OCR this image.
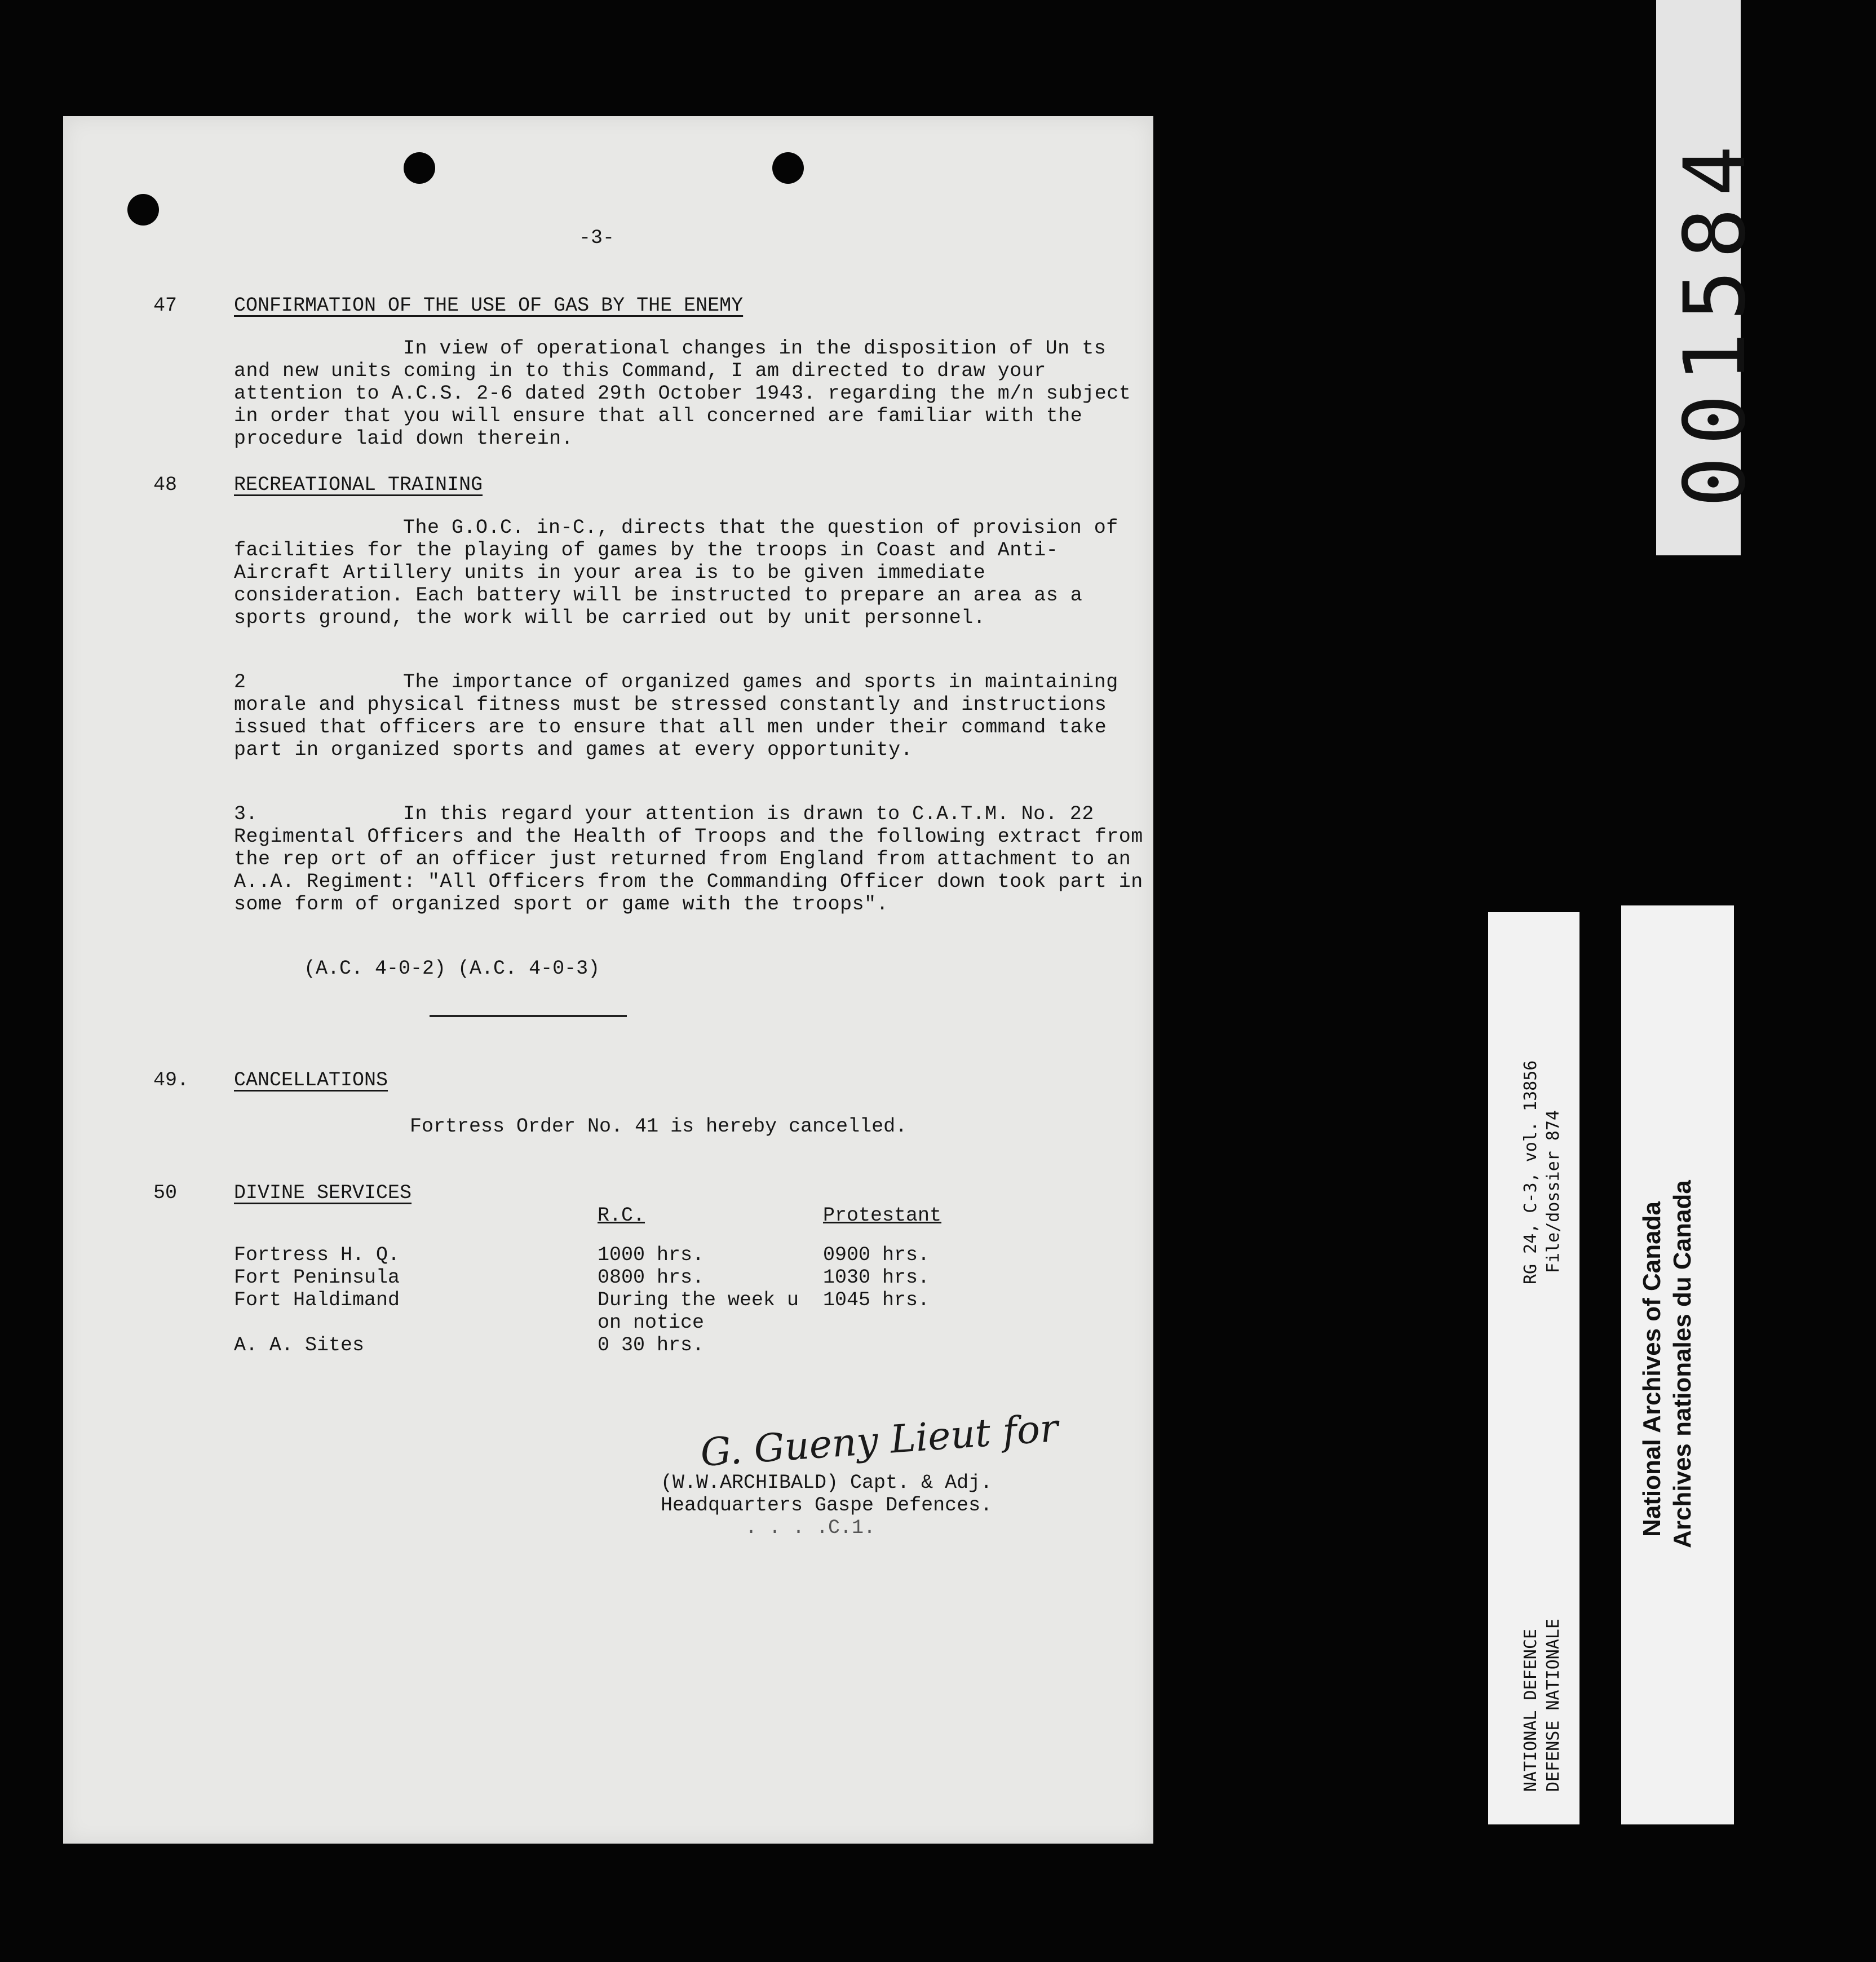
-3-
47	CONFIRMATION OF THE USE OF GAS BY THE ENEMY
In view of operational changes in the disposition of Un ts and new units coming in to this Command, I am directed to draw your attention to A.C.S. 2-6 dated 29th October 1943. regarding the m/n subject in order that you will ensure that all concerned are familiar with the procedure laid down therein.
48	RECREATIONAL TRAINING
The G.O.C. in-C., directs that the question of provision of facilities for the playing of games by the troops in Coast and Anti-Aircraft Artillery units in your area is to be given immediate consideration. Each battery will be instructed to prepare an area as a sports ground, the work will be carried out by unit personnel.
2	The importance of organized games and sports in maintaining morale and physical fitness must be stressed constantly and instructions issued that officers are to ensure that all men under their command take part in organized sports and games at every opportunity.
3.	In this regard your attention is drawn to C.A.T.M. No. 22 Regimental Officers and the Health of Troops and the following extract from the rep ort of an officer just returned from England from attachment to an A..A. Regiment: "All Officers from the Commanding Officer down took part in some form of organized sport or game with the troops".
(A.C. 4-0-2) (A.C. 4-0-3)
49. CANCELLATIONS
Fortress Order No. 41 is hereby cancelled.
50	DIVINE SERVICES
	R.C.	Protestant

Fortress H. Q.	1000 hrs.	0900 hrs.
Fort Peninsula	0800 hrs.	1030 hrs.
Fort Haldimand	During the week u on notice	1045 hrs.
A. A. Sites	0 30 hrs.	
G. Gueny Lieut for
(W.W.ARCHIBALD) Capt. & Adj.
Headquarters Gaspe Defences.
. . . .C.1.
001584
RG 24, C-3, vol. 13856 File/dossier 874
NATIONAL DEFENCE DEFENSE NATIONALE
National Archives of Canada Archives nationales du Canada
